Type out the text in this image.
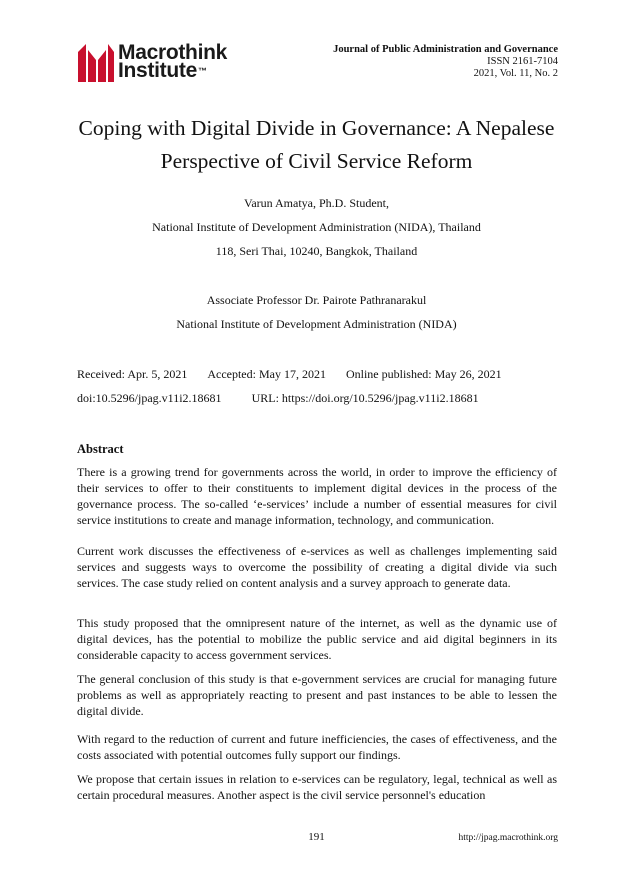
Macrothink
Institute™
Journal of Public Administration and Governance
ISSN 2161-7104
2021, Vol. 11, No. 2
Coping with Digital Divide in Governance: A Nepalese
Perspective of Civil Service Reform
Varun Amatya, Ph.D. Student,
National Institute of Development Administration (NIDA), Thailand
118, Seri Thai, 10240, Bangkok, Thailand
Associate Professor Dr. Pairote Pathranarakul
National Institute of Development Administration (NIDA)
Received: Apr. 5, 2021 Accepted: May 17, 2021 Online published: May 26, 2021
doi:10.5296/jpag.v11i2.18681	URL: https://doi.org/10.5296/jpag.v11i2.18681
Abstract

There is a growing trend for governments across the world, in order to improve the efficiency of their services to offer to their constituents to implement digital devices in the process of the governance process. The so-called ‘e-services’ include a number of essential measures for civil service institutions to create and manage information, technology, and communication.

Current work discusses the effectiveness of e-services as well as challenges implementing said services and suggests ways to overcome the possibility of creating a digital divide via such services. The case study relied on content analysis and a survey approach to generate data.

This study proposed that the omnipresent nature of the internet, as well as the dynamic use of digital devices, has the potential to mobilize the public service and aid digital beginners in its considerable capacity to access government services.

The general conclusion of this study is that e-government services are crucial for managing future problems as well as appropriately reacting to present and past instances to be able to lessen the digital divide.

With regard to the reduction of current and future inefficiencies, the cases of effectiveness, and the costs associated with potential outcomes fully support our findings.

We propose that certain issues in relation to e-services can be regulatory, legal, technical as well as certain procedural measures. Another aspect is the civil service personnel's education

191	http://jpag.macrothink.org
